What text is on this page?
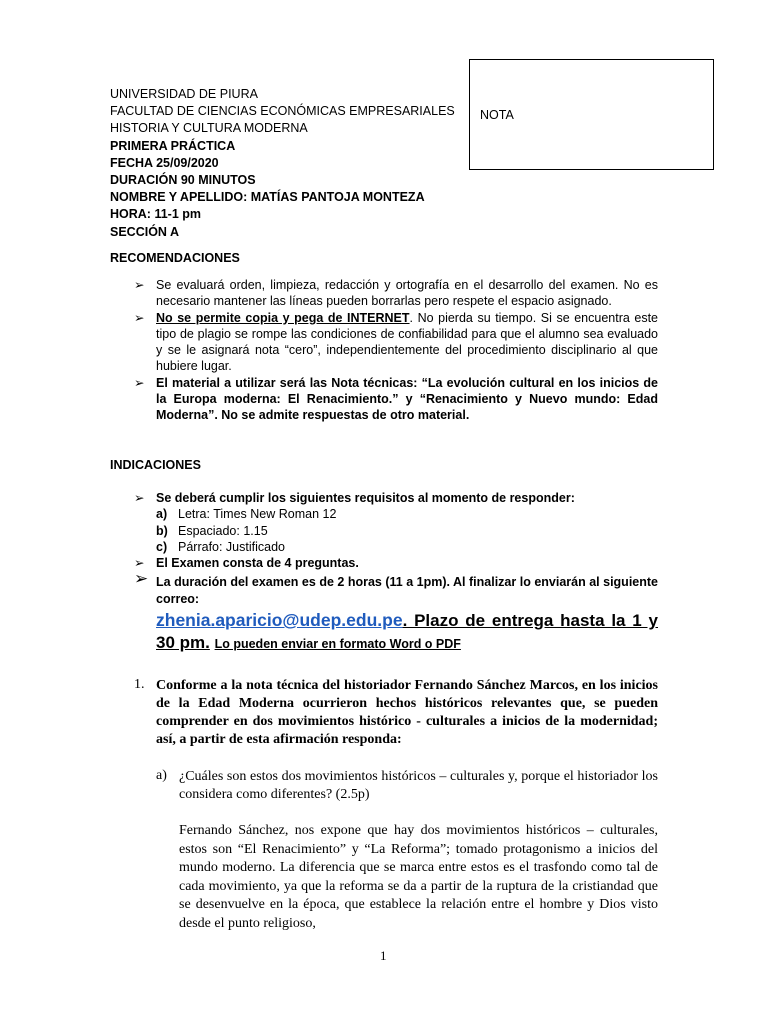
UNIVERSIDAD DE PIURA
FACULTAD DE CIENCIAS ECONÓMICAS EMPRESARIALES
HISTORIA Y CULTURA MODERNA
PRIMERA PRÁCTICA
FECHA 25/09/2020
DURACIÓN 90 MINUTOS
NOMBRE Y APELLIDO: MATÍAS PANTOJA MONTEZA
HORA: 11-1 pm
SECCIÓN A
NOTA
RECOMENDACIONES
➢ Se evaluará orden, limpieza, redacción y ortografía en el desarrollo del examen. No es necesario mantener las líneas pueden borrarlas pero respete el espacio asignado.
➢ No se permite copia y pega de INTERNET. No pierda su tiempo. Si se encuentra este tipo de plagio se rompe las condiciones de confiabilidad para que el alumno sea evaluado y se le asignará nota “cero”, independientemente del procedimiento disciplinario al que hubiere lugar.
➢ El material a utilizar será las Nota técnicas: “La evolución cultural en los inicios de la Europa moderna: El Renacimiento.” y “Renacimiento y Nuevo mundo: Edad Moderna”. No se admite respuestas de otro material.
INDICACIONES
➢ Se deberá cumplir los siguientes requisitos al momento de responder:
a) Letra: Times New Roman 12
b) Espaciado: 1.15
c) Párrafo: Justificado
➢ El Examen consta de 4 preguntas.
➢ La duración del examen es de 2 horas (11 a 1pm). Al finalizar lo enviarán al siguiente correo:
zhenia.aparicio@udep.edu.pe. Plazo de entrega hasta la 1 y 30 pm. Lo pueden enviar en formato Word o PDF
1. Conforme a la nota técnica del historiador Fernando Sánchez Marcos, en los inicios de la Edad Moderna ocurrieron hechos históricos relevantes que, se pueden comprender en dos movimientos histórico - culturales a inicios de la modernidad; así, a partir de esta afirmación responda:
a) ¿Cuáles son estos dos movimientos históricos – culturales y, porque el historiador los considera como diferentes? (2.5p)
Fernando Sánchez, nos expone que hay dos movimientos históricos – culturales, estos son “El Renacimiento” y “La Reforma”; tomado protagonismo a inicios del mundo moderno. La diferencia que se marca entre estos es el trasfondo como tal de cada movimiento, ya que la reforma se da a partir de la ruptura de la cristiandad que se desenvuelve en la época, que establece la relación entre el hombre y Dios visto desde el punto religioso,
1
